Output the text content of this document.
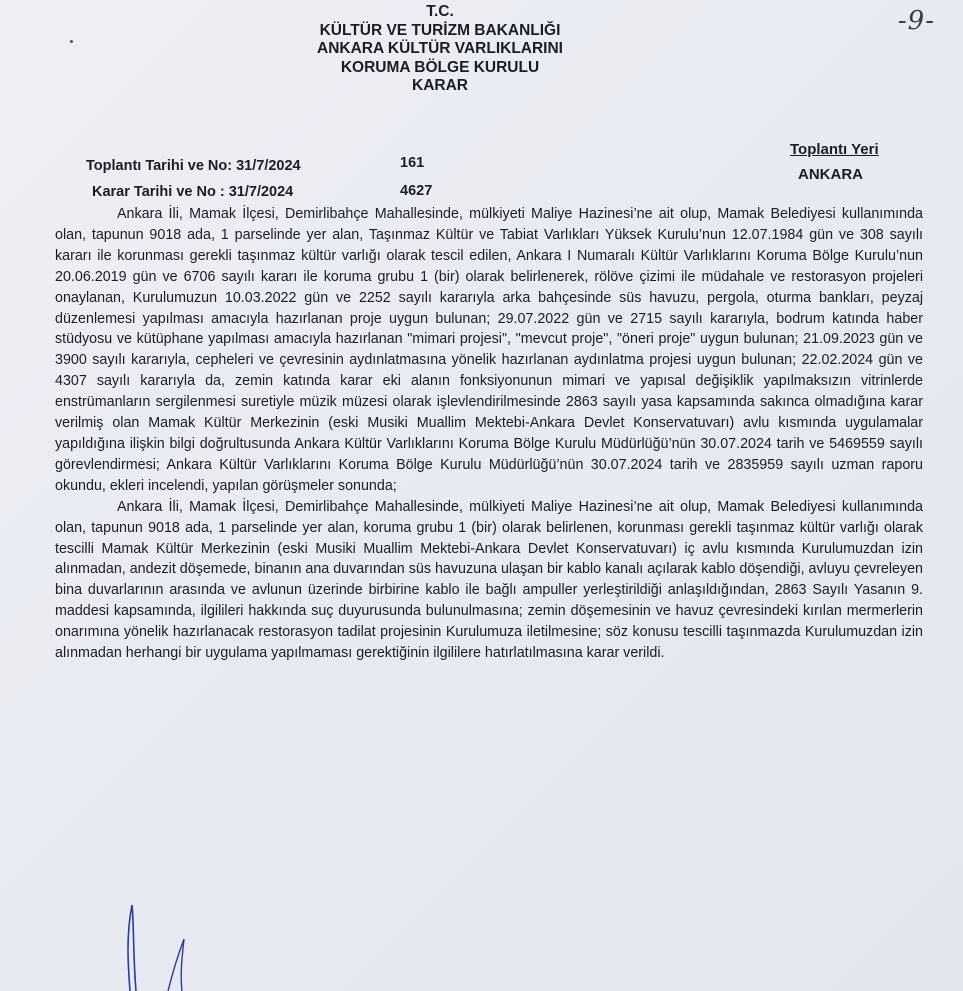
T.C.
KÜLTÜR VE TURİZM BAKANLIĞI
ANKARA KÜLTÜR VARLIKLARINI
KORUMA BÖLGE KURULU
KARAR
-9-
Toplantı Tarihi ve No: 31/7/2024	161
Karar Tarihi ve No : 31/7/2024	4627
Toplantı Yeri
ANKARA

Ankara İli, Mamak İlçesi, Demirlibahçe Mahallesinde, mülkiyeti Maliye Hazinesi’ne ait olup, Mamak Belediyesi kullanımında olan, tapunun 9018 ada, 1 parselinde yer alan, Taşınmaz Kültür ve Tabiat Varlıkları Yüksek Kurulu’nun 12.07.1984 gün ve 308 sayılı kararı ile korunması gerekli taşınmaz kültür varlığı olarak tescil edilen, Ankara I Numaralı Kültür Varlıklarını Koruma Bölge Kurulu’nun 20.06.2019 gün ve 6706 sayılı kararı ile koruma grubu 1 (bir) olarak belirlenerek, rölöve çizimi ile müdahale ve restorasyon projeleri onaylanan, Kurulumuzun 10.03.2022 gün ve 2252 sayılı kararıyla arka bahçesinde süs havuzu, pergola, oturma bankları, peyzaj düzenlemesi yapılması amacıyla hazırlanan proje uygun bulunan; 29.07.2022 gün ve 2715 sayılı kararıyla, bodrum katında haber stüdyosu ve kütüphane yapılması amacıyla hazırlanan "mimari projesi", "mevcut proje", "öneri proje" uygun bulunan; 21.09.2023 gün ve 3900 sayılı kararıyla, cepheleri ve çevresinin aydınlatmasına yönelik hazırlanan aydınlatma projesi uygun bulunan; 22.02.2024 gün ve 4307 sayılı kararıyla da, zemin katında karar eki alanın fonksiyonunun mimari ve yapısal değişiklik yapılmaksızın vitrinlerde enstrümanların sergilenmesi suretiyle müzik müzesi olarak işlevlendirilmesinde 2863 sayılı yasa kapsamında sakınca olmadığına karar verilmiş olan Mamak Kültür Merkezinin (eski Musiki Muallim Mektebi-Ankara Devlet Konservatuvarı) avlu kısmında uygulamalar yapıldığına ilişkin bilgi doğrultusunda Ankara Kültür Varlıklarını Koruma Bölge Kurulu Müdürlüğü’nün 30.07.2024 tarih ve 5469559 sayılı görevlendirmesi; Ankara Kültür Varlıklarını Koruma Bölge Kurulu Müdürlüğü’nün 30.07.2024 tarih ve 2835959 sayılı uzman raporu okundu, ekleri incelendi, yapılan görüşmeler sonunda;

Ankara İli, Mamak İlçesi, Demirlibahçe Mahallesinde, mülkiyeti Maliye Hazinesi’ne ait olup, Mamak Belediyesi kullanımında olan, tapunun 9018 ada, 1 parselinde yer alan, koruma grubu 1 (bir) olarak belirlenen, korunması gerekli taşınmaz kültür varlığı olarak tescilli Mamak Kültür Merkezinin (eski Musiki Muallim Mektebi-Ankara Devlet Konservatuvarı) iç avlu kısmında Kurulumuzdan izin alınmadan, andezit döşemede, binanın ana duvarından süs havuzuna ulaşan bir kablo kanalı açılarak kablo döşendiği, avluyu çevreleyen bina duvarlarının arasında ve avlunun üzerinde birbirine kablo ile bağlı ampuller yerleştirildiği anlaşıldığından, 2863 Sayılı Yasanın 9. maddesi kapsamında, ilgilileri hakkında suç duyurusunda bulunulmasına; zemin döşemesinin ve havuz çevresindeki kırılan mermerlerin onarımına yönelik hazırlanacak restorasyon tadilat projesinin Kurulumuza iletilmesine; söz konusu tescilli taşınmazda Kurulumuzdan izin alınmadan herhangi bir uygulama yapılmaması gerektiğinin ilgililere hatırlatılmasına karar verildi.
